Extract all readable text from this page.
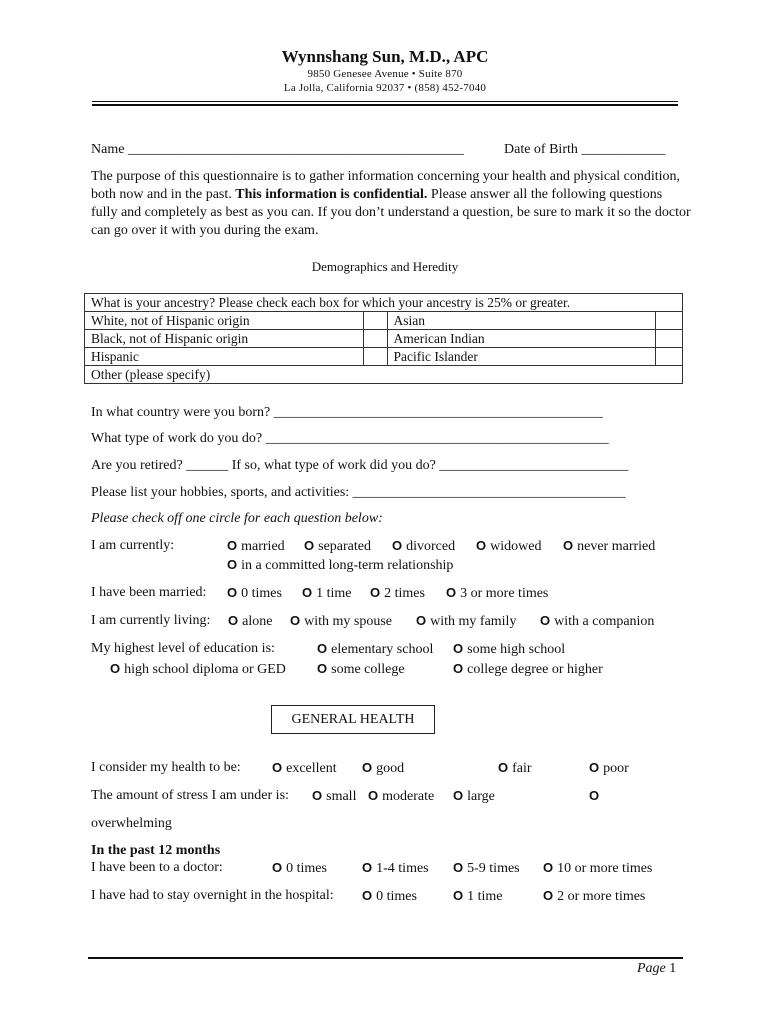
Wynnshang Sun, M.D., APC
9850 Genesee Avenue • Suite 870
La Jolla, California 92037 • (858) 452-7040
Name ________________________________________________	Date of Birth ____________
The purpose of this questionnaire is to gather information concerning your health and physical condition, both now and in the past. This information is confidential. Please answer all the following questions fully and completely as best as you can. If you don’t understand a question, be sure to mark it so the doctor can go over it with you during the exam.
Demographics and Heredity
What is your ancestry? Please check each box for which your ancestry is 25% or greater.			
White, not of Hispanic origin		Asian	
Black, not of Hispanic origin		American Indian	
Hispanic		Pacific Islander	
Other (please specify)			
In what country were you born? _______________________________________________
What type of work do you do? _________________________________________________
Are you retired? ______ If so, what type of work did you do? ___________________________
Please list your hobbies, sports, and activities: _______________________________________
Please check off one circle for each question below:
I am currently:	O married O separated O divorced O widowed O never married
O in a committed long-term relationship
I have been married: O 0 times O 1 time O 2 times O 3 or more times
I am currently living: O alone O with my spouse O with my family O with a companion
My highest level of education is:	O elementary school O some high school
O high school diploma or GED O some college	O college degree or higher
GENERAL HEALTH
I consider my health to be: O excellent O good	O fair	O poor
The amount of stress I am under is: O small O moderate O large	O
overwhelming
In the past 12 months
I have been to a doctor:	O 0 times	O 1-4 times O 5-9 times O 10 or more times
I have had to stay overnight in the hospital: O 0 times	O 1 time	O 2 or more times
Page 1
